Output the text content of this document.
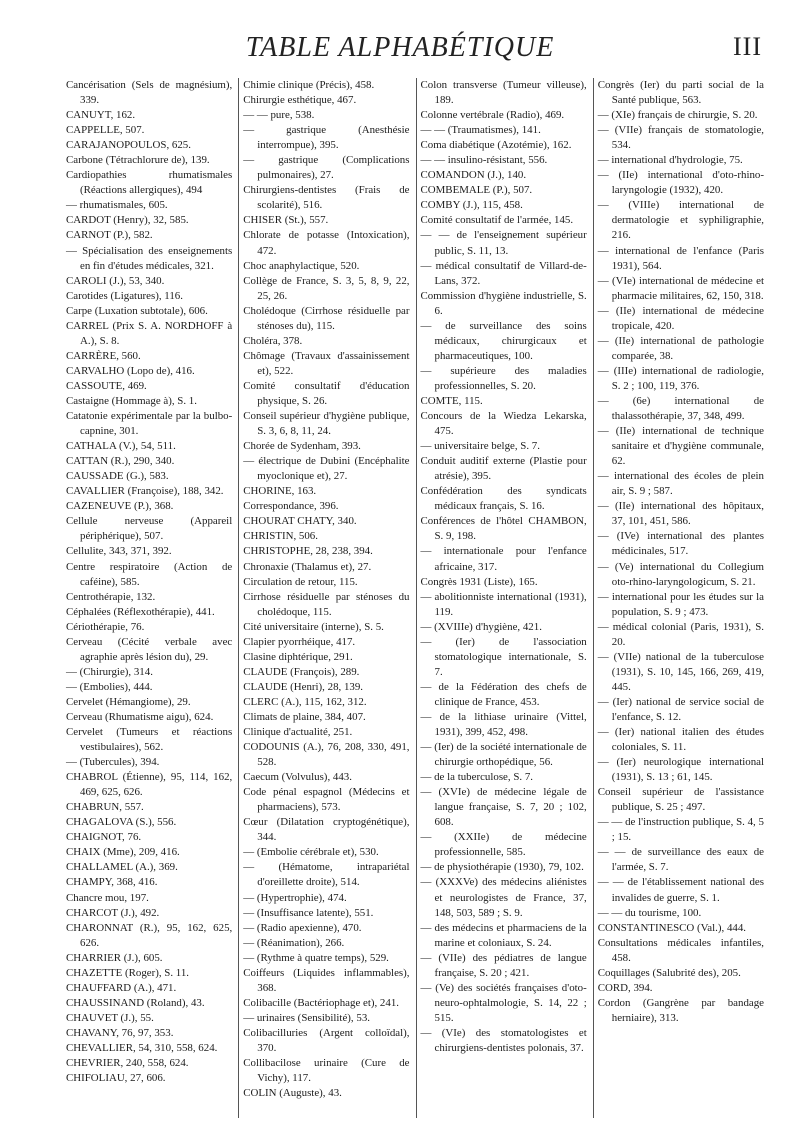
TABLE ALPHABÉTIQUE	III
Cancérisation (Sels de magnésium), 339.
CANUYT, 162.
CAPPELLE, 507.
CARAJANOPOULOS, 625.
Carbone (Tétrachlorure de), 139.
Cardiopathies rhumatismales (Réactions allergiques), 494
— rhumatismales, 605.
CARDOT (Henry), 32, 585.
CARNOT (P.), 582.
— Spécialisation des enseignements en fin d'études médicales, 321.
CAROLI (J.), 53, 340.
Carotides (Ligatures), 116.
Carpe (Luxation subtotale), 606.
CARREL (Prix S. A. NORDHOFF à A.), S. 8.
CARRÈRE, 560.
CARVALHO (Lopo de), 416.
CASSOUTE, 469.
Castaigne (Hommage à), S. 1.
Catatonie expérimentale par la bulbo-capnine, 301.
CATHALA (V.), 54, 511.
CATTAN (R.), 290, 340.
CAUSSADE (G.), 583.
CAVALLIER (Françoise), 188, 342.
CAZENEUVE (P.), 368.
Cellule nerveuse (Appareil périphérique), 507.
Cellulite, 343, 371, 392.
Centre respiratoire (Action de caféine), 585.
Centrothérapie, 132.
Céphalées (Réflexothérapie), 441.
Cériothérapie, 76.
Cerveau (Cécité verbale avec agraphie après lésion du), 29.
— (Chirurgie), 314.
— (Embolies), 444.
Cervelet (Hémangiome), 29.
Cerveau (Rhumatisme aigu), 624.
Cervelet (Tumeurs et réactions vestibulaires), 562.
— (Tubercules), 394.
CHABROL (Étienne), 95, 114, 162, 469, 625, 626.
CHABRUN, 557.
CHAGALOVA (S.), 556.
CHAIGNOT, 76.
CHAIX (Mme), 209, 416.
CHALLAMEL (A.), 369.
CHAMPY, 368, 416.
Chancre mou, 197.
CHARCOT (J.), 492.
CHARONNAT (R.), 95, 162, 625, 626.
CHARRIER (J.), 605.
CHAZETTE (Roger), S. 11.
CHAUFFARD (A.), 471.
CHAUSSINAND (Roland), 43.
CHAUVET (J.), 55.
CHAVANY, 76, 97, 353.
CHEVALLIER, 54, 310, 558, 624.
CHEVRIER, 240, 558, 624.
CHIFOLIAU, 27, 606.
Chimie clinique (Précis), 458.
Chirurgie esthétique, 467.
— — pure, 538.
— gastrique (Anesthésie interrompue), 395.
— gastrique (Complications pulmonaires), 27.
Chirurgiens-dentistes (Frais de scolarité), 516.
CHISER (St.), 557.
Chlorate de potasse (Intoxication), 472.
Choc anaphylactique, 520.
Collège de France, S. 3, 5, 8, 9, 22, 25, 26.
Cholédoque (Cirrhose résiduelle par sténoses du), 115.
Choléra, 378.
Chômage (Travaux d'assainissement et), 522.
Comité consultatif d'éducation physique, S. 26.
Conseil supérieur d'hygiène publique, S. 3, 6, 8, 11, 24.
Chorée de Sydenham, 393.
— électrique de Dubini (Encéphalite myoclonique et), 27.
CHORINE, 163.
Correspondance, 396.
CHOURAT CHATY, 340.
CHRISTIN, 506.
CHRISTOPHE, 28, 238, 394.
Chronaxie (Thalamus et), 27.
Circulation de retour, 115.
Cirrhose résiduelle par sténoses du cholédoque, 115.
Cité universitaire (interne), S. 5.
Clapier pyorrhéique, 417.
Clasine diphtérique, 291.
CLAUDE (François), 289.
CLAUDE (Henri), 28, 139.
CLERC (A.), 115, 162, 312.
Climats de plaine, 384, 407.
Clinique d'actualité, 251.
CODOUNIS (A.), 76, 208, 330, 491, 528.
Caecum (Volvulus), 443.
Code pénal espagnol (Médecins et pharmaciens), 573.
Cœur (Dilatation cryptogénétique), 344.
— (Embolie cérébrale et), 530.
— (Hématome, intrapariétal d'oreillette droite), 514.
— (Hypertrophie), 474.
— (Insuffisance latente), 551.
— (Radio apexienne), 470.
— (Réanimation), 266.
— (Rythme à quatre temps), 529.
Coiffeurs (Liquides inflammables), 368.
Colibacille (Bactériophage et), 241.
— urinaires (Sensibilité), 53.
Colibacilluries (Argent colloïdal), 370.
Collibacilose urinaire (Cure de Vichy), 117.
COLIN (Auguste), 43.
Colon transverse (Tumeur villeuse), 189.
Colonne vertébrale (Radio), 469.
— — (Traumatismes), 141.
Coma diabétique (Azotémie), 162.
— — insulino-résistant, 556.
COMANDON (J.), 140.
COMBEMALE (P.), 507.
COMBY (J.), 115, 458.
Comité consultatif de l'armée, 145.
— — de l'enseignement supérieur public, S. 11, 13.
— médical consultatif de Villard-de-Lans, 372.
Commission d'hygiène industrielle, S. 6.
— de surveillance des soins médicaux, chirurgicaux et pharmaceutiques, 100.
— supérieure des maladies professionnelles, S. 20.
COMTE, 115.
Concours de la Wiedza Lekarska, 475.
— universitaire belge, S. 7.
Conduit auditif externe (Plastie pour atrésie), 395.
Confédération des syndicats médicaux français, S. 16.
Conférences de l'hôtel CHAMBON, S. 9, 198.
— internationale pour l'enfance africaine, 317.
Congrès 1931 (Liste), 165.
— abolitionniste international (1931), 119.
— (XVIIIe) d'hygiène, 421.
— (Ier) de l'association stomatologique internationale, S. 7.
— de la Fédération des chefs de clinique de France, 453.
— de la lithiase urinaire (Vittel, 1931), 399, 452, 498.
— (Ier) de la société internationale de chirurgie orthopédique, 56.
— de la tuberculose, S. 7.
— (XVIe) de médecine légale de langue française, S. 7, 20 ; 102, 608.
— (XXIIe) de médecine professionnelle, 585.
— de physiothérapie (1930), 79, 102.
— (XXXVe) des médecins aliénistes et neurologistes de France, 37, 148, 503, 589 ; S. 9.
— des médecins et pharmaciens de la marine et coloniaux, S. 24.
— (VIIe) des pédiatres de langue française, S. 20 ; 421.
— (Ve) des sociétés françaises d'oto-neuro-ophtalmologie, S. 14, 22 ; 515.
— (VIe) des stomatologistes et chirurgiens-dentistes polonais, 37.
Congrès (Ier) du parti social de la Santé publique, 563.
— (XIe) français de chirurgie, S. 20.
— (VIIe) français de stomatologie, 534.
— international d'hydrologie, 75.
— (IIe) international d'oto-rhino-laryngologie (1932), 420.
— (VIIIe) international de dermatologie et syphiligraphie, 216.
— international de l'enfance (Paris 1931), 564.
— (VIe) international de médecine et pharmacie militaires, 62, 150, 318.
— (IIe) international de médecine tropicale, 420.
— (IIe) international de pathologie comparée, 38.
— (IIIe) international de radiologie, S. 2 ; 100, 119, 376.
— (6e) international de thalassothérapie, 37, 348, 499.
— (IIe) international de technique sanitaire et d'hygiène communale, 62.
— international des écoles de plein air, S. 9 ; 587.
— (IIe) international des hôpitaux, 37, 101, 451, 586.
— (IVe) international des plantes médicinales, 517.
— (Ve) international du Collegium oto-rhino-laryngologicum, S. 21.
— international pour les études sur la population, S. 9 ; 473.
— médical colonial (Paris, 1931), S. 20.
— (VIIe) national de la tuberculose (1931), S. 10, 145, 166, 269, 419, 445.
— (Ier) national de service social de l'enfance, S. 12.
— (Ier) national italien des études coloniales, S. 11.
— (Ier) neurologique international (1931), S. 13 ; 61, 145.
Conseil supérieur de l'assistance publique, S. 25 ; 497.
— — de l'instruction publique, S. 4, 5 ; 15.
— — de surveillance des eaux de l'armée, S. 7.
— — de l'établissement national des invalides de guerre, S. 1.
— — du tourisme, 100.
CONSTANTINESCO (Val.), 444.
Consultations médicales infantiles, 458.
Coquillages (Salubrité des), 205.
CORD, 394.
Cordon (Gangrène par bandage herniaire), 313.
